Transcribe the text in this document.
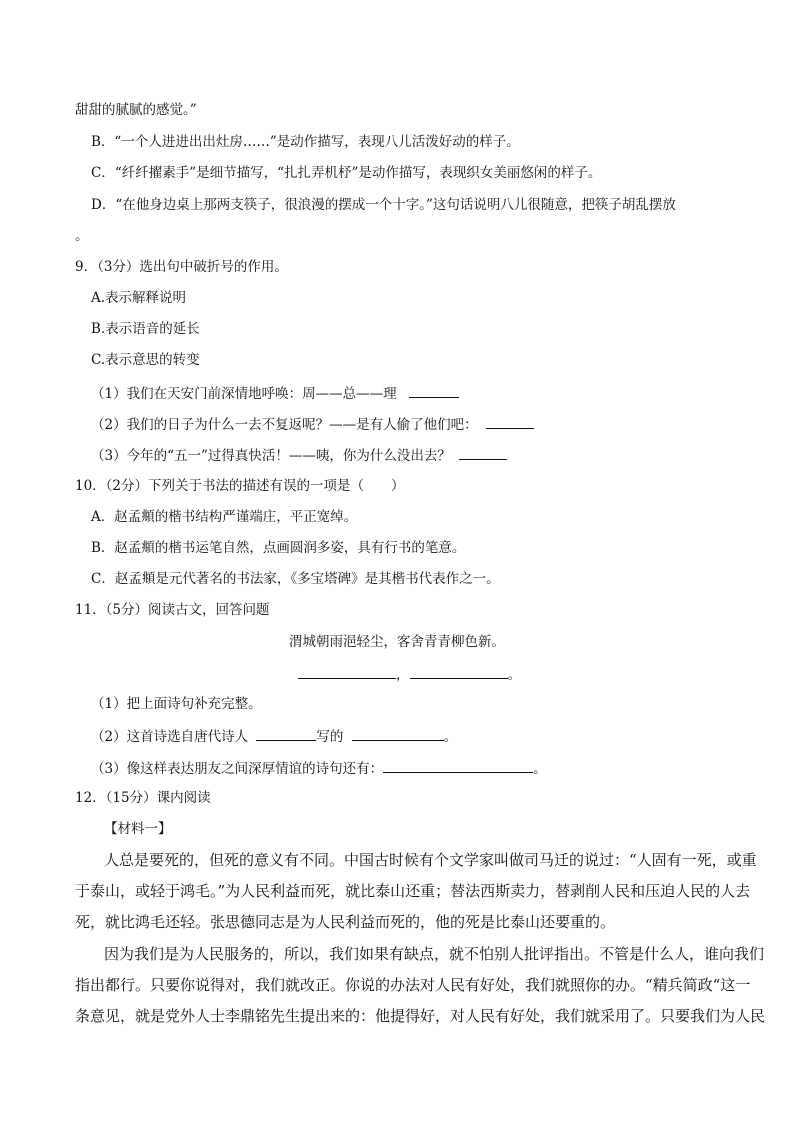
甜甜的腻腻的感觉。”
B．“一个人进进出出灶房……”是动作描写，表现八儿活泼好动的样子。
C．“纤纤擢素手”是细节描写，“扎扎弄机杼”是动作描写，表现织女美丽悠闲的样子。
D．“在他身边桌上那两支筷子，很浪漫的摆成一个十字。”这句话说明八儿很随意，把筷子胡乱摆放
。
9．（3分）选出句中破折号的作用。
A.表示解释说明
B.表示语音的延长
C.表示意思的转变
（1）我们在天安门前深情地呼唤：周——总——理
（2）我们的日子为什么一去不复返呢？——是有人偷了他们吧：
（3）今年的“五一”过得真快活！——咦，你为什么没出去？
10．（2分）下列关于书法的描述有误的一项是（　　）
A．赵孟頫的楷书结构严谨端庄，平正宽绰。
B．赵孟頫的楷书运笔自然，点画圆润多姿，具有行书的笔意。
C．赵孟頫是元代著名的书法家，《多宝塔碑》是其楷书代表作之一。
11．（5分）阅读古文，回答问题
渭城朝雨浥轻尘，客舍青青柳色新。
，	。
（1）把上面诗句补充完整。
（2）这首诗选自唐代诗人	写的	。
（3）像这样表达朋友之间深厚情谊的诗句还有：	。
12．（15分）课内阅读
【材料一】
人总是要死的，但死的意义有不同。中国古时候有个文学家叫做司马迁的说过：“人固有一死，或重
于泰山，或轻于鸿毛。”为人民利益而死，就比泰山还重；替法西斯卖力，替剥削人民和压迫人民的人去
死，就比鸿毛还轻。张思德同志是为人民利益而死的，他的死是比泰山还要重的。
因为我们是为人民服务的，所以，我们如果有缺点，就不怕别人批评指出。不管是什么人，谁向我们
指出都行。只要你说得对，我们就改正。你说的办法对人民有好处，我们就照你的办。“精兵简政“这一
条意见，就是党外人士李鼎铭先生提出来的：他提得好，对人民有好处，我们就采用了。只要我们为人民
